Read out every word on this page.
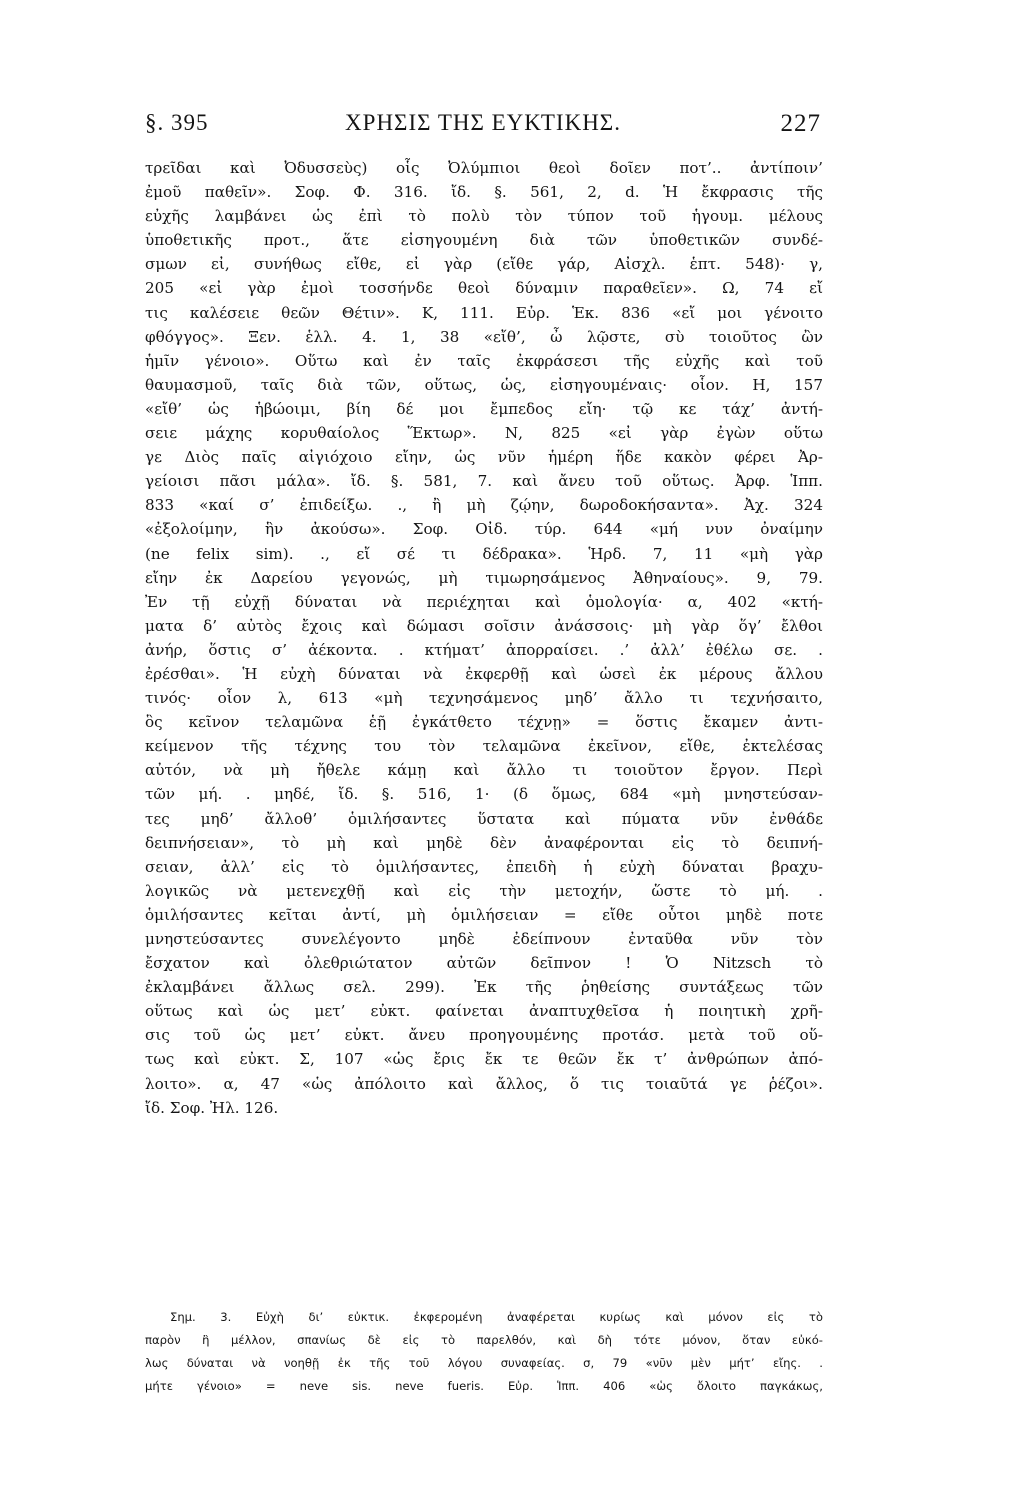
§. 395	ΧΡΗΣΙΣ ΤΗΣ ΕΥΚΤΙΚΗΣ.	227
τρεῖδαι καὶ Ὀδυσσεὺς) οἷς Ὀλύμπιοι θεοὶ δοῖεν ποτ’.. ἀντίποιν’
ἐμοῦ παθεῖν». Σοφ. Φ. 316. ἴδ. §. 561, 2, d. Ἡ ἔκφρασις τῆς
εὐχῆς λαμβάνει ὡς ἐπὶ τὸ πολὺ τὸν τύπον τοῦ ἡγουμ. μέλους
ὑποθετικῆς προτ., ἅτε εἰσηγουμένη διὰ τῶν ὑποθετικῶν συνδέ-
σμων εἰ, συνήθως εἴθε, εἰ γὰρ (εἴθε γάρ, Αἰσχλ. ἑπτ. 548)· γ,
205 «εἰ γὰρ ἐμοὶ τοσσήνδε θεοὶ δύναμιν παραθεῖεν». Ω, 74 εἴ
τις καλέσειε θεῶν Θέτιν». Κ, 111. Εὐρ. Ἑκ. 836 «εἴ μοι γένοιτο
φθόγγος». Ξεν. ἑλλ. 4. 1, 38 «εἴθ’, ὦ λῷστε, σὺ τοιοῦτος ὢν
ἡμῖν γένοιο». Οὕτω καὶ ἐν ταῖς ἐκφράσεσι τῆς εὐχῆς καὶ τοῦ
θαυμασμοῦ, ταῖς διὰ τῶν, οὕτως, ὡς, εἰσηγουμέναις· οἷον. Η, 157
«εἴθ’ ὡς ἡβώοιμι, βίη δέ μοι ἔμπεδος εἴη· τῷ κε τάχ’ ἀντή-
σειε μάχης κορυθαίολος Ἕκτωρ». Ν, 825 «εἰ γὰρ ἐγὼν οὕτω
γε Διὸς παῖς αἰγιόχοιο εἴην, ὡς νῦν ἡμέρη ἥδε κακὸν φέρει Ἀρ-
γείοισι πᾶσι μάλα». ἴδ. §. 581, 7. καὶ ἄνευ τοῦ οὕτως. Ἀρφ. Ἱππ.
833 «καί σ’ ἐπιδείξω. ., ἢ μὴ ζῴην, δωροδοκήσαντα». Ἀχ. 324
«ἐξολοίμην, ἣν ἀκούσω». Σοφ. Οἰδ. τύρ. 644 «μή νυν ὀναίμην
(ne felix sim). ., εἴ σέ τι δέδρακα». Ἡρδ. 7, 11 «μὴ γὰρ
εἴην ἐκ Δαρείου γεγονώς, μὴ τιμωρησάμενος Ἀθηναίους». 9, 79.
Ἐν τῇ εὐχῇ δύναται νὰ περιέχηται καὶ ὁμολογία· α, 402 «κτή-
ματα δ’ αὐτὸς ἔχοις καὶ δώμασι σοῖσιν ἀνάσσοις· μὴ γὰρ ὅγ’ ἔλθοι
ἀνήρ, ὅστις σ’ ἀέκοντα. . κτήματ’ ἀπορραίσει. .’ ἀλλ’ ἐθέλω σε. .
ἐρέσθαι». Ἡ εὐχὴ δύναται νὰ ἐκφερθῇ καὶ ὡσεὶ ἐκ μέρους ἄλλου
τινός· οἷον λ, 613 «μὴ τεχνησάμενος μηδ’ ἄλλο τι τεχνήσαιτο,
ὃς κεῖνον τελαμῶνα ἑῇ ἐγκάτθετο τέχνῃ» = ὅστις ἔκαμεν ἀντι-
κείμενον τῆς τέχνης του τὸν τελαμῶνα ἐκεῖνον, εἴθε, ἐκτελέσας
αὐτόν, νὰ μὴ ἤθελε κάμῃ καὶ ἄλλο τι τοιοῦτον ἔργον. Περὶ
τῶν μή. . μηδέ, ἴδ. §. 516, 1· (δ ὅμως, 684 «μὴ μνηστεύσαν-
τες μηδ’ ἄλλοθ’ ὁμιλήσαντες ὕστατα καὶ πύματα νῦν ἐνθάδε
δειπνήσειαν», τὸ μὴ καὶ μηδὲ δὲν ἀναφέρονται εἰς τὸ δειπνή-
σειαν, ἀλλ’ εἰς τὸ ὁμιλήσαντες, ἐπειδὴ ἡ εὐχὴ δύναται βραχυ-
λογικῶς νὰ μετενεχθῇ καὶ εἰς τὴν μετοχήν, ὥστε τὸ μή. .
ὁμιλήσαντες κεῖται ἀντί, μὴ ὁμιλήσειαν = εἴθε οὗτοι μηδὲ ποτε
μνηστεύσαντες συνελέγοντο μηδὲ ἐδείπνουν ἐνταῦθα νῦν τὸν
ἔσχατον καὶ ὀλεθριώτατον αὐτῶν δεῖπνον ! Ὁ Nitzsch τὸ
ἐκλαμβάνει ἄλλως σελ. 299). Ἐκ τῆς ῥηθείσης συντάξεως τῶν
οὕτως καὶ ὡς μετ’ εὐκτ. φαίνεται ἀναπτυχθεῖσα ἡ ποιητικὴ χρῆ-
σις τοῦ ὡς μετ’ εὐκτ. ἄνευ προηγουμένης προτάσ. μετὰ τοῦ οὕ-
τως καὶ εὐκτ. Σ, 107 «ὡς ἔρις ἔκ τε θεῶν ἔκ τ’ ἀνθρώπων ἀπό-
λοιτο». α, 47 «ὡς ἀπόλοιτο καὶ ἄλλος, ὅ τις τοιαῦτά γε ῥέζοι».
ἴδ. Σοφ. Ἠλ. 126.
Σημ. 3. Εὐχὴ δι’ εὐκτικ. ἐκφερομένη ἀναφέρεται κυρίως καὶ μόνον εἰς τὸ
παρὸν ἢ μέλλον, σπανίως δὲ εἰς τὸ παρελθόν, καὶ δὴ τότε μόνον, ὅταν εὐκό-
λως δύναται νὰ νοηθῇ ἐκ τῆς τοῦ λόγου συναφείας. σ, 79 «νῦν μὲν μήτ’ εἴης. .
μήτε γένοιο» = neve sis. neve fueris. Εὐρ. Ἱππ. 406 «ὡς ὄλοιτο παγκάκως,
